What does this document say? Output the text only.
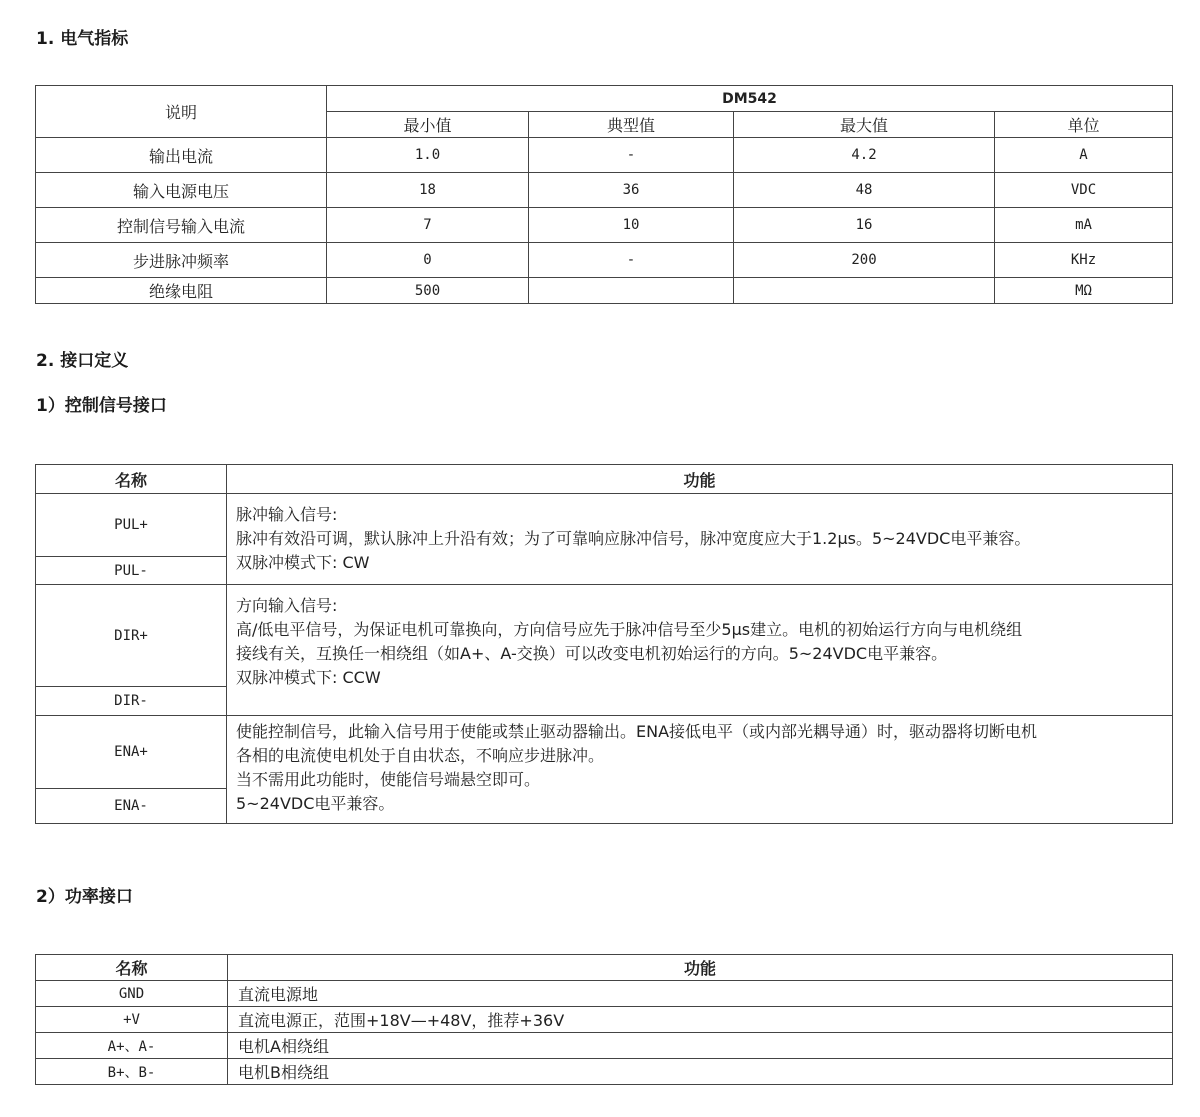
1. 电气指标
说明	DM542			
	最小值	典型值	最大值	单位
输出电流	1.0	-	4.2	A
输入电源电压	18	36	48	VDC
控制信号输入电流	7	10	16	mA
步进脉冲频率	0	-	200	KHz
绝缘电阻	500			MΩ
2. 接口定义
1）控制信号接口
名称	功能
PUL+	脉冲输入信号:
脉冲有效沿可调，默认脉冲上升沿有效；为了可靠响应脉冲信号，脉冲宽度应大于1.2μs。5~24VDC电平兼容。
双脉冲模式下: CW

PUL-	
DIR+	方向输入信号:
高/低电平信号，为保证电机可靠换向，方向信号应先于脉冲信号至少5μs建立。电机的初始运行方向与电机绕组
接线有关，互换任一相绕组（如A+、A-交换）可以改变电机初始运行的方向。5~24VDC电平兼容。
双脉冲模式下: CCW

DIR-	
ENA+	使能控制信号，此输入信号用于使能或禁止驱动器输出。ENA接低电平（或内部光耦导通）时，驱动器将切断电机
各相的电流使电机处于自由状态，不响应步进脉冲。
当不需用此功能时，使能信号端悬空即可。
5~24VDC电平兼容。

ENA-	
2）功率接口
名称	功能
GND	直流电源地
+V	直流电源正，范围+18V—+48V，推荐+36V
A+、A-	电机A相绕组
B+、B-	电机B相绕组
